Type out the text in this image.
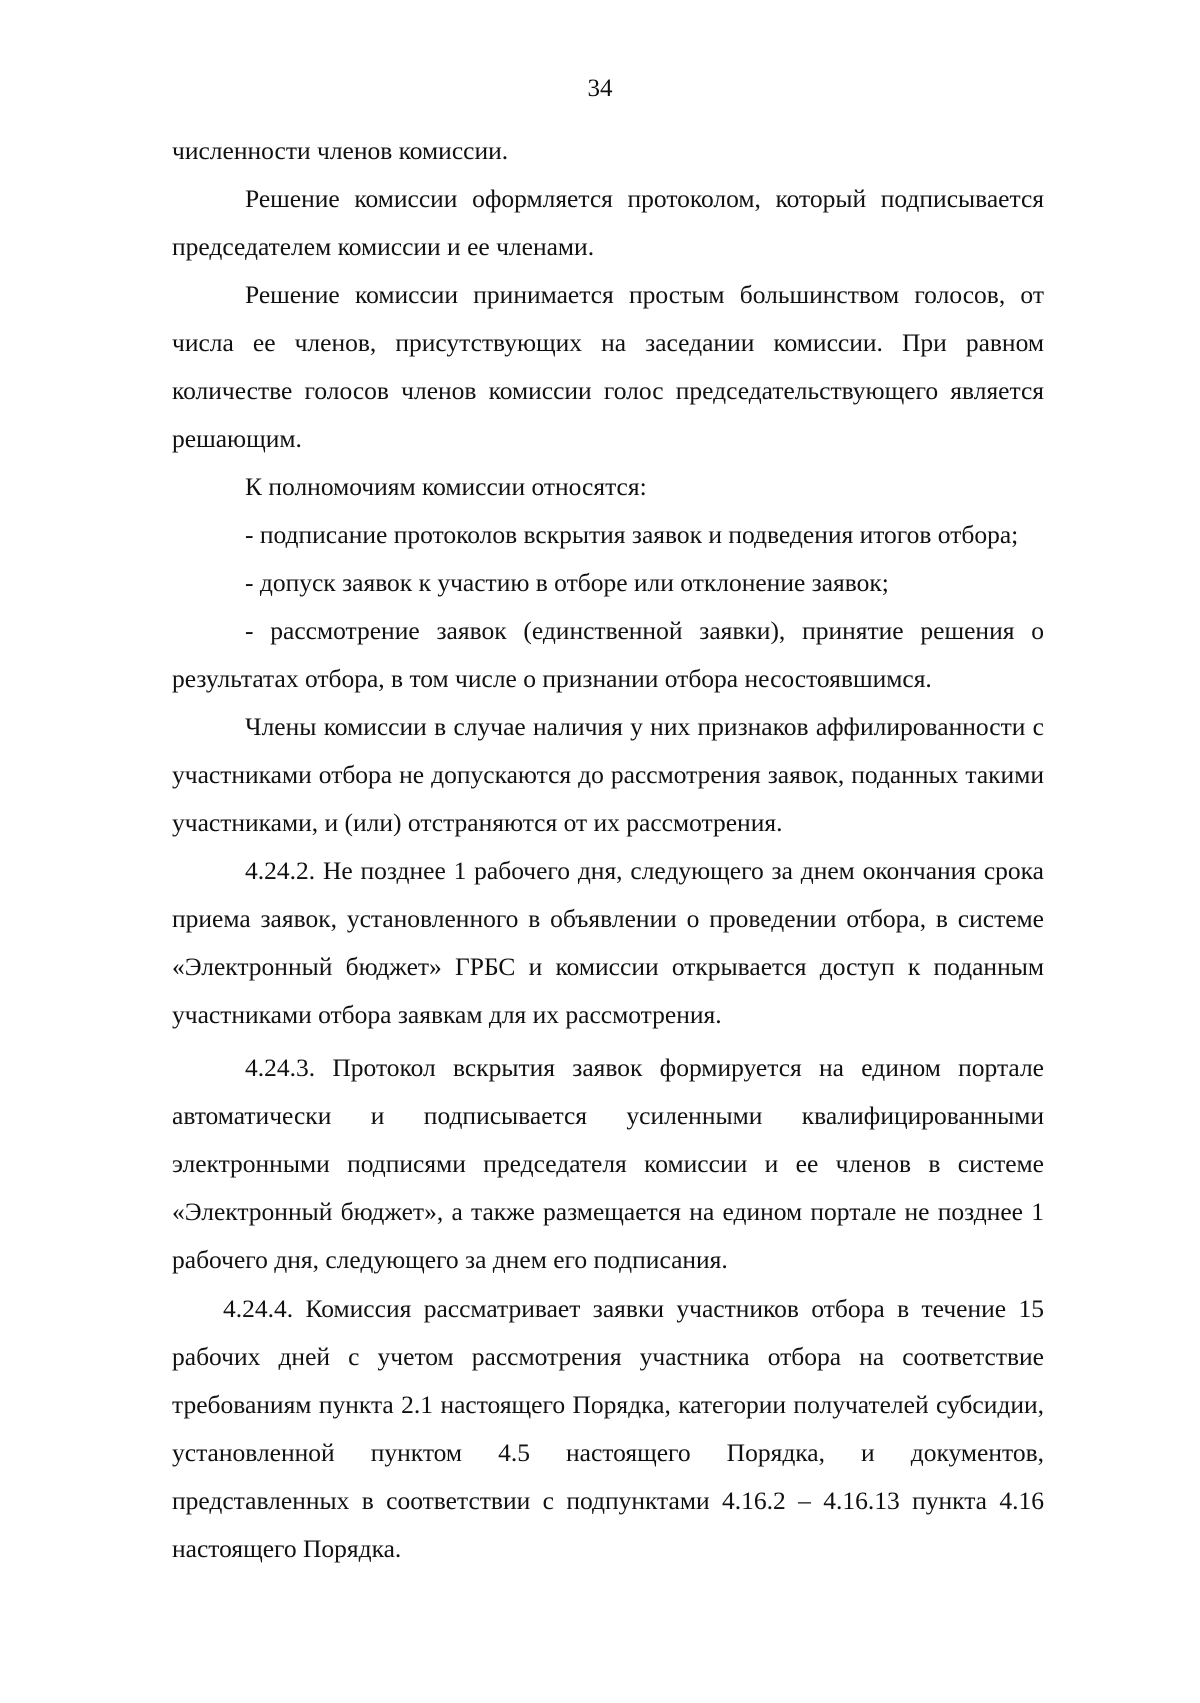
34
численности членов комиссии.
Решение комиссии оформляется протоколом, который подписывается
председателем комиссии и ее членами.
Решение комиссии принимается простым большинством голосов, от
числа ее членов, присутствующих на заседании комиссии. При равном
количестве голосов членов комиссии голос председательствующего является
решающим.
К полномочиям комиссии относятся:
- подписание протоколов вскрытия заявок и подведения итогов отбора;
- допуск заявок к участию в отборе или отклонение заявок;
- рассмотрение заявок (единственной заявки), принятие решения о
результатах отбора, в том числе о признании отбора несостоявшимся.
Члены комиссии в случае наличия у них признаков аффилированности с
участниками отбора не допускаются до рассмотрения заявок, поданных такими
участниками, и (или) отстраняются от их рассмотрения.
4.24.2. Не позднее 1 рабочего дня, следующего за днем окончания срока
приема заявок, установленного в объявлении о проведении отбора, в системе
«Электронный бюджет» ГРБС и комиссии открывается доступ к поданным
участниками отбора заявкам для их рассмотрения.
4.24.3. Протокол вскрытия заявок формируется на едином портале
автоматически и подписывается усиленными квалифицированными
электронными подписями председателя комиссии и ее членов в системе
«Электронный бюджет», а также размещается на едином портале не позднее 1
рабочего дня, следующего за днем его подписания.
4.24.4. Комиссия рассматривает заявки участников отбора в течение 15
рабочих дней с учетом рассмотрения участника отбора на соответствие
требованиям пункта 2.1 настоящего Порядка, категории получателей субсидии,
установленной пунктом 4.5 настоящего Порядка, и документов,
представленных в соответствии с подпунктами 4.16.2 – 4.16.13 пункта 4.16
настоящего Порядка.
